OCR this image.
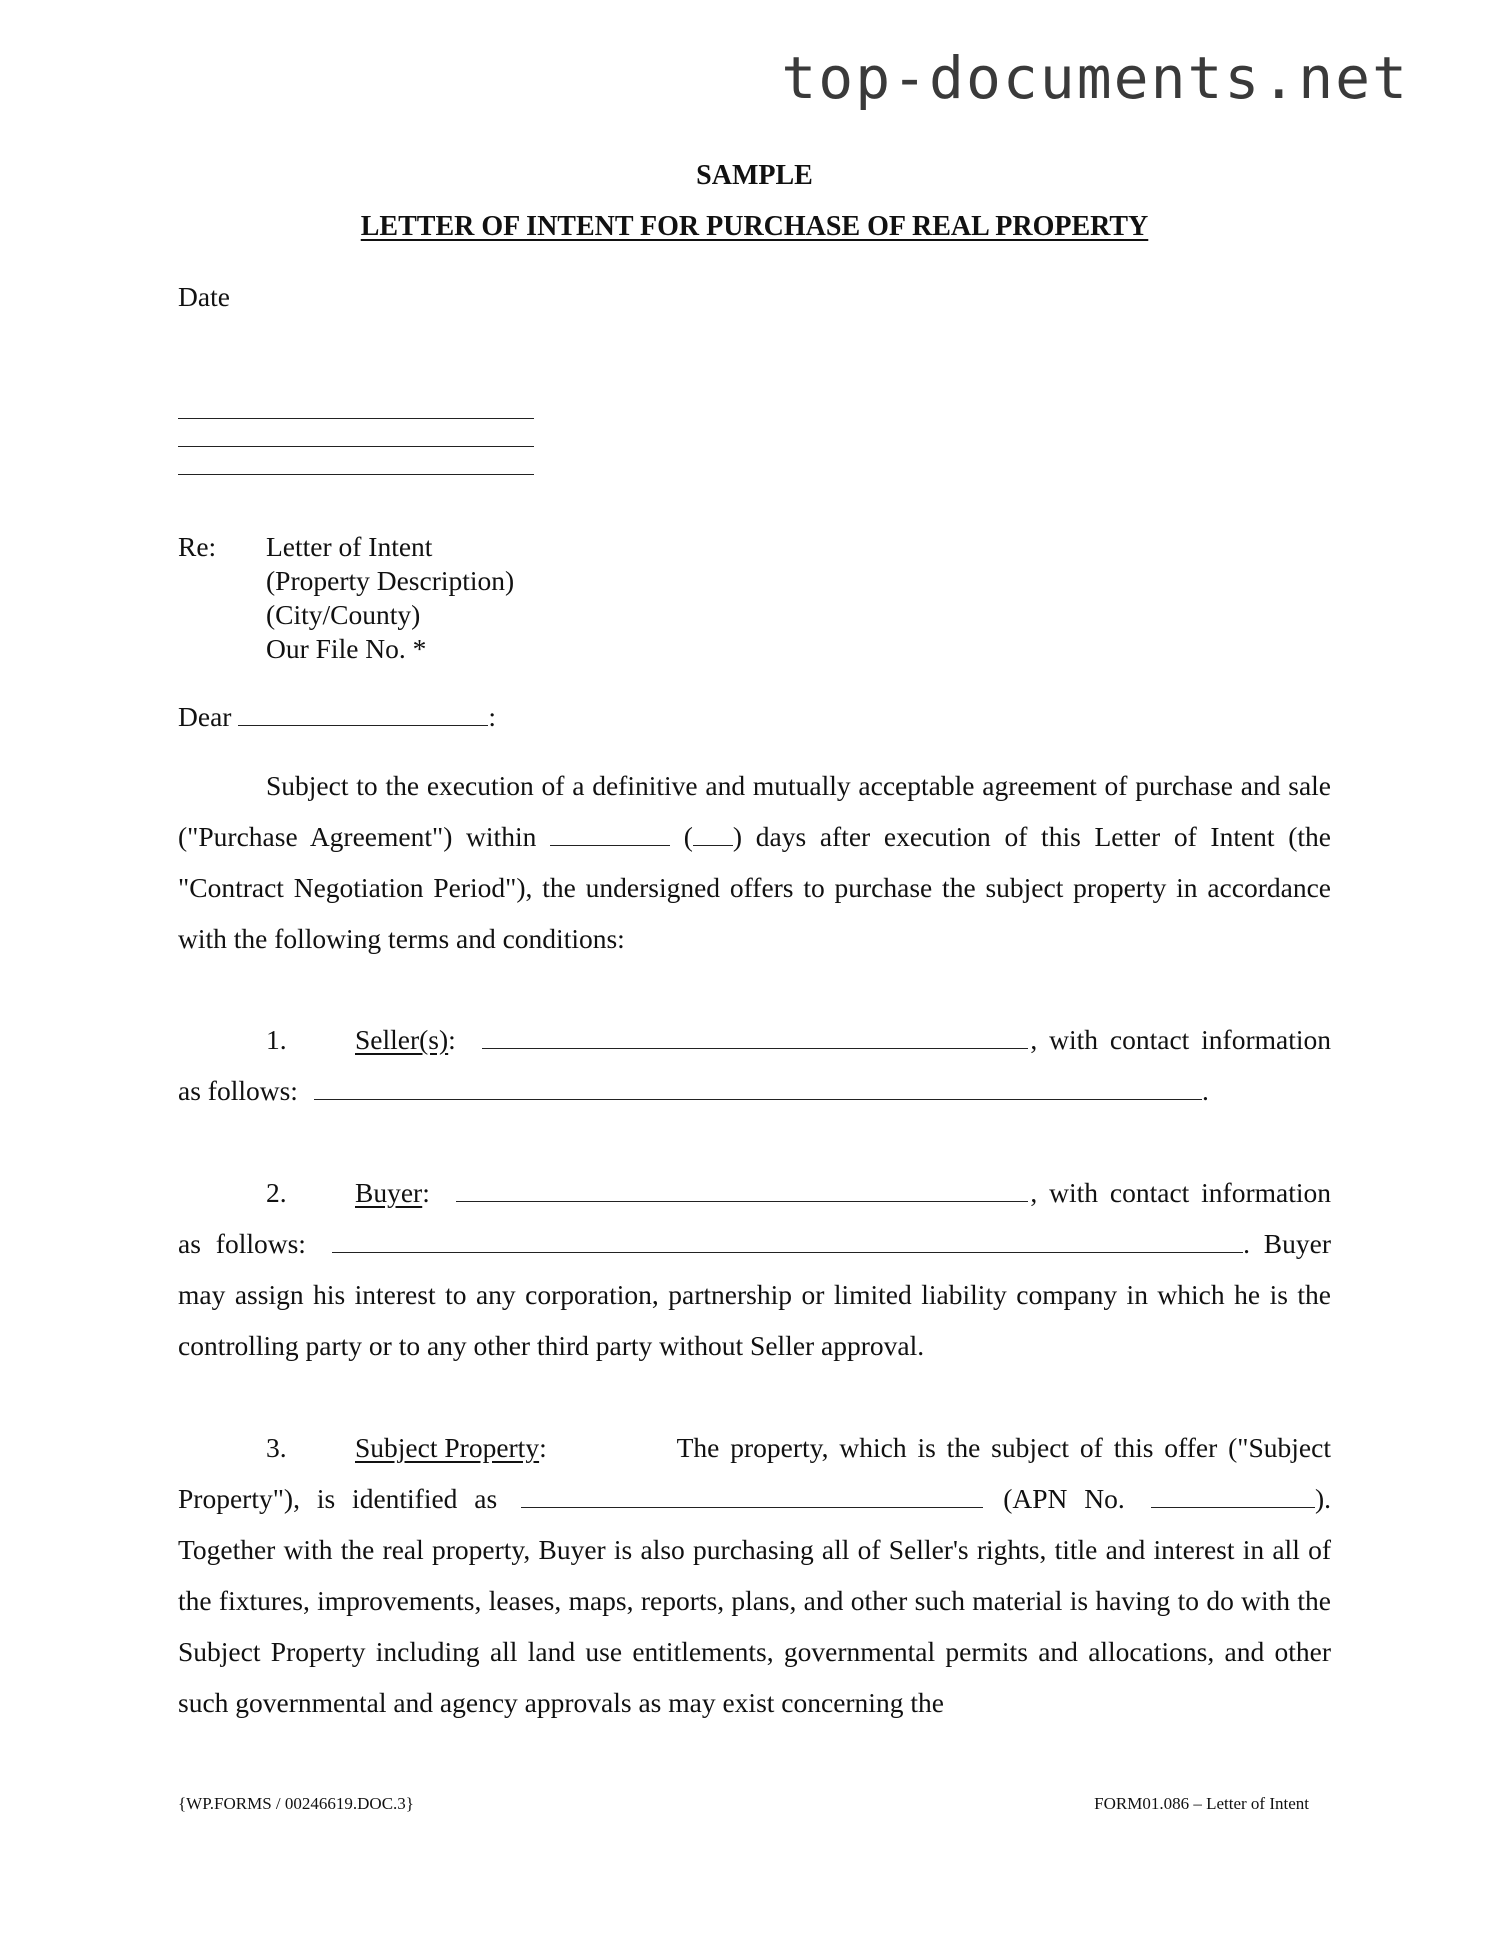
top-documents.net
SAMPLE
LETTER OF INTENT FOR PURCHASE OF REAL PROPERTY
Date
Re: Letter of Intent
(Property Description)
(City/County)
Our File No. *
Dear	:
Subject to the execution of a definitive and mutually acceptable agreement of purchase and sale ("Purchase Agreement") within	( ) days after execution of this Letter of Intent (the "Contract Negotiation Period"), the undersigned offers to purchase the subject property in accordance with the following terms and conditions:
1.	Seller(s) :	, with contact information
as follows:	.
2.	Buyer :	, with contact information
as follows:	.  Buyer
may assign his interest to any corporation, partnership or limited liability company in which he is the controlling party or to any other third party without Seller approval.
3.	Subject Property :	The property, which is the subject of this offer ("Subject
Property"), is identified as	(APN No.	).
Together with the real property, Buyer is also purchasing all of Seller's rights, title and interest in all of the fixtures, improvements, leases, maps, reports, plans, and other such material is having to do with the Subject Property including all land use entitlements, governmental permits and allocations, and other such governmental and agency approvals as may exist concerning the
{WP.FORMS / 00246619.DOC.3}	FORM01.086 – Letter of Intent
